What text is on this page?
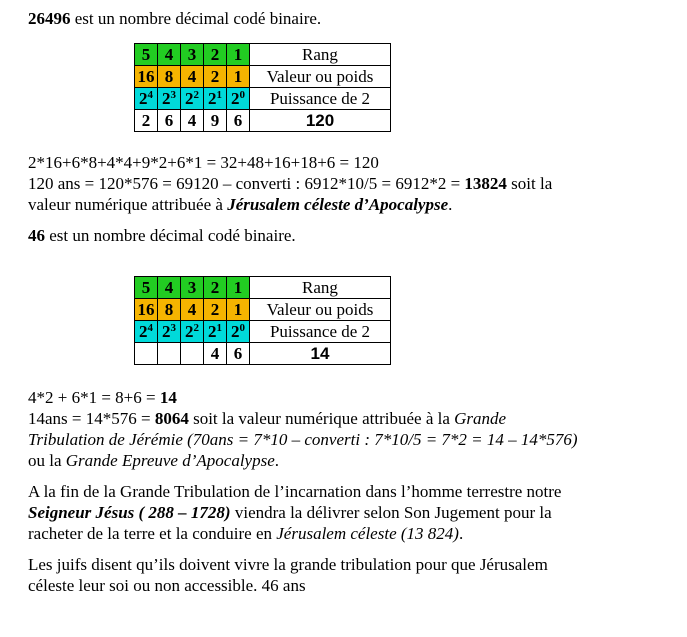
26496 est un nombre décimal codé binaire.

5	4	3	2	1	Rang
16	8	4	2	1	Valeur ou poids
$2^4$	$2^3$	$2^2$	$2^1$	$2^0$	Puissance de 2
2	6	4	9	6	120

2*16+6*8+4*4+9*2+6*1 = 32+48+16+18+6 = 120

120 ans = 120*576 = 69120 – converti : 6912*10/5 = 6912*2 = 13824 soit la

valeur numérique attribuée à Jérusalem céleste d’Apocalypse.

46 est un nombre décimal codé binaire.

5	4	3	2	1	Rang
16	8	4	2	1	Valeur ou poids
$2^4$	$2^3$	$2^2$	$2^1$	$2^0$	Puissance de 2
			4	6	14

4*2 + 6*1 = 8+6 = 14

14ans = 14*576 = 8064 soit la valeur numérique attribuée à la Grande

Tribulation de Jérémie (70ans = 7*10 – converti : 7*10/5 = 7*2 = 14 – 14*576)

ou la Grande Epreuve d’Apocalypse.

A la fin de la Grande Tribulation de l’incarnation dans l’homme terrestre notre

Seigneur Jésus ( 288 – 1728) viendra la délivrer selon Son Jugement pour la

racheter de la terre et la conduire en Jérusalem céleste (13 824).

Les juifs disent qu’ils doivent vivre la grande tribulation pour que Jérusalem

céleste leur soi ou non accessible. 46 ans
